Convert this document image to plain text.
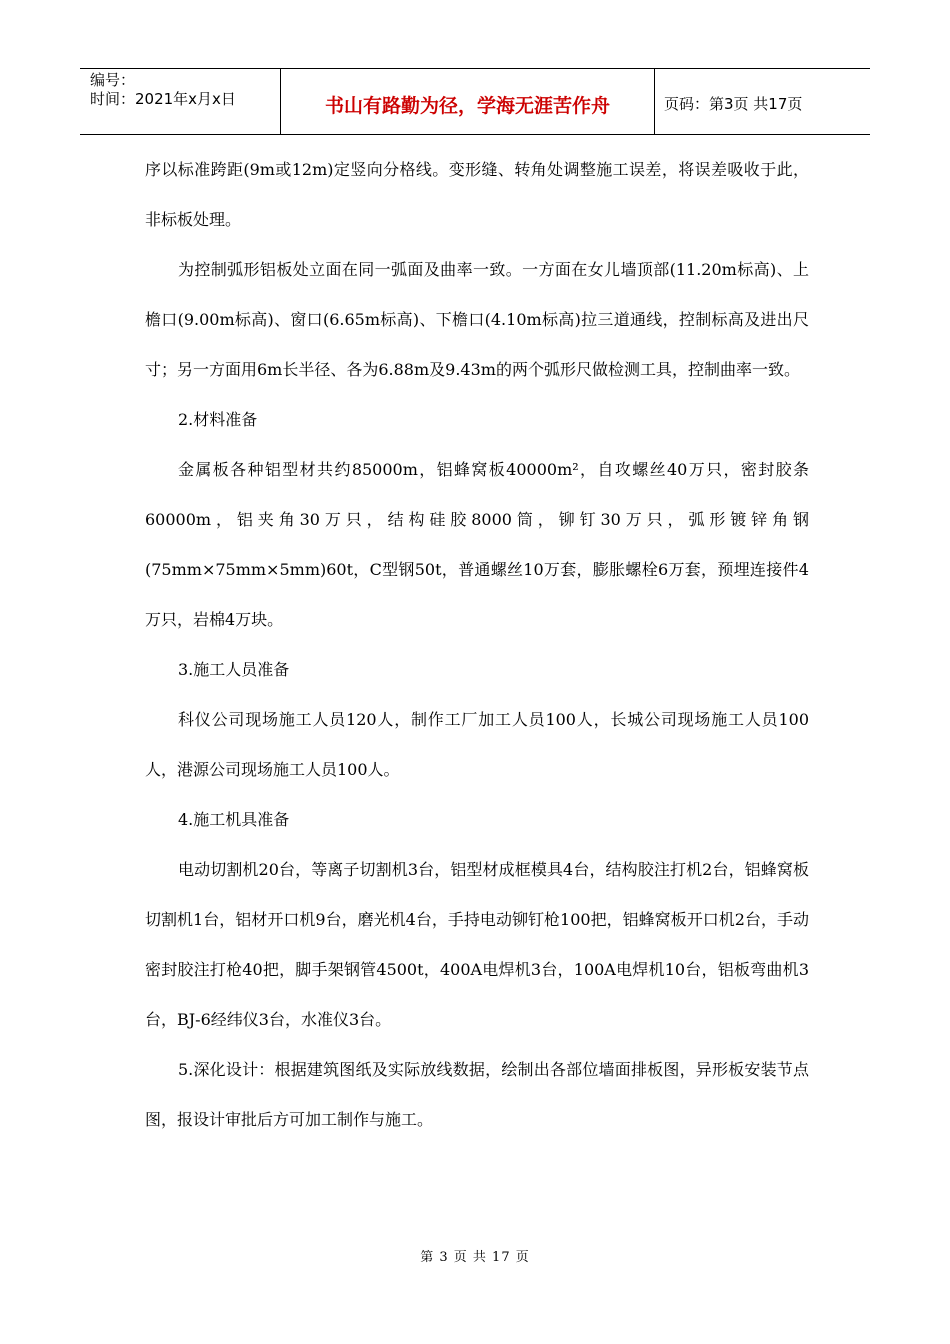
编号：
时间：2021年x月x日	书山有路勤为径，学海无涯苦作舟	页码：第3页 共17页

序以标准跨距(9m或12m)定竖向分格线。变形缝、转角处调整施工误差，将误差吸收于此，非标板处理。

为控制弧形铝板处立面在同一弧面及曲率一致。一方面在女儿墙顶部(11.20m标高)、上檐口(9.00m标高)、窗口(6.65m标高)、下檐口(4.10m标高)拉三道通线，控制标高及进出尺寸；另一方面用6m长半径、各为6.88m及9.43m的两个弧形尺做检测工具，控制曲率一致。

2.材料准备

金属板各种铝型材共约85000m，铝蜂窝板40000m²，自攻螺丝40万只，密封胶条60000m，铝夹角30万只，结构硅胶8000筒，铆钉30万只，弧形镀锌角钢(75mm×75mm×5mm)60t，C型钢50t，普通螺丝10万套，膨胀螺栓6万套，预埋连接件4万只，岩棉4万块。

3.施工人员准备

科仪公司现场施工人员120人，制作工厂加工人员100人，长城公司现场施工人员100人，港源公司现场施工人员100人。

4.施工机具准备

电动切割机20台，等离子切割机3台，铝型材成框模具4台，结构胶注打机2台，铝蜂窝板切割机1台，铝材开口机9台，磨光机4台，手持电动铆钉枪100把，铝蜂窝板开口机2台，手动密封胶注打枪40把，脚手架钢管4500t，400A电焊机3台，100A电焊机10台，铝板弯曲机3台，BJ-6经纬仪3台，水准仪3台。

5.深化设计：根据建筑图纸及实际放线数据，绘制出各部位墙面排板图，异形板安装节点图，报设计审批后方可加工制作与施工。

第 3 页 共 17 页
